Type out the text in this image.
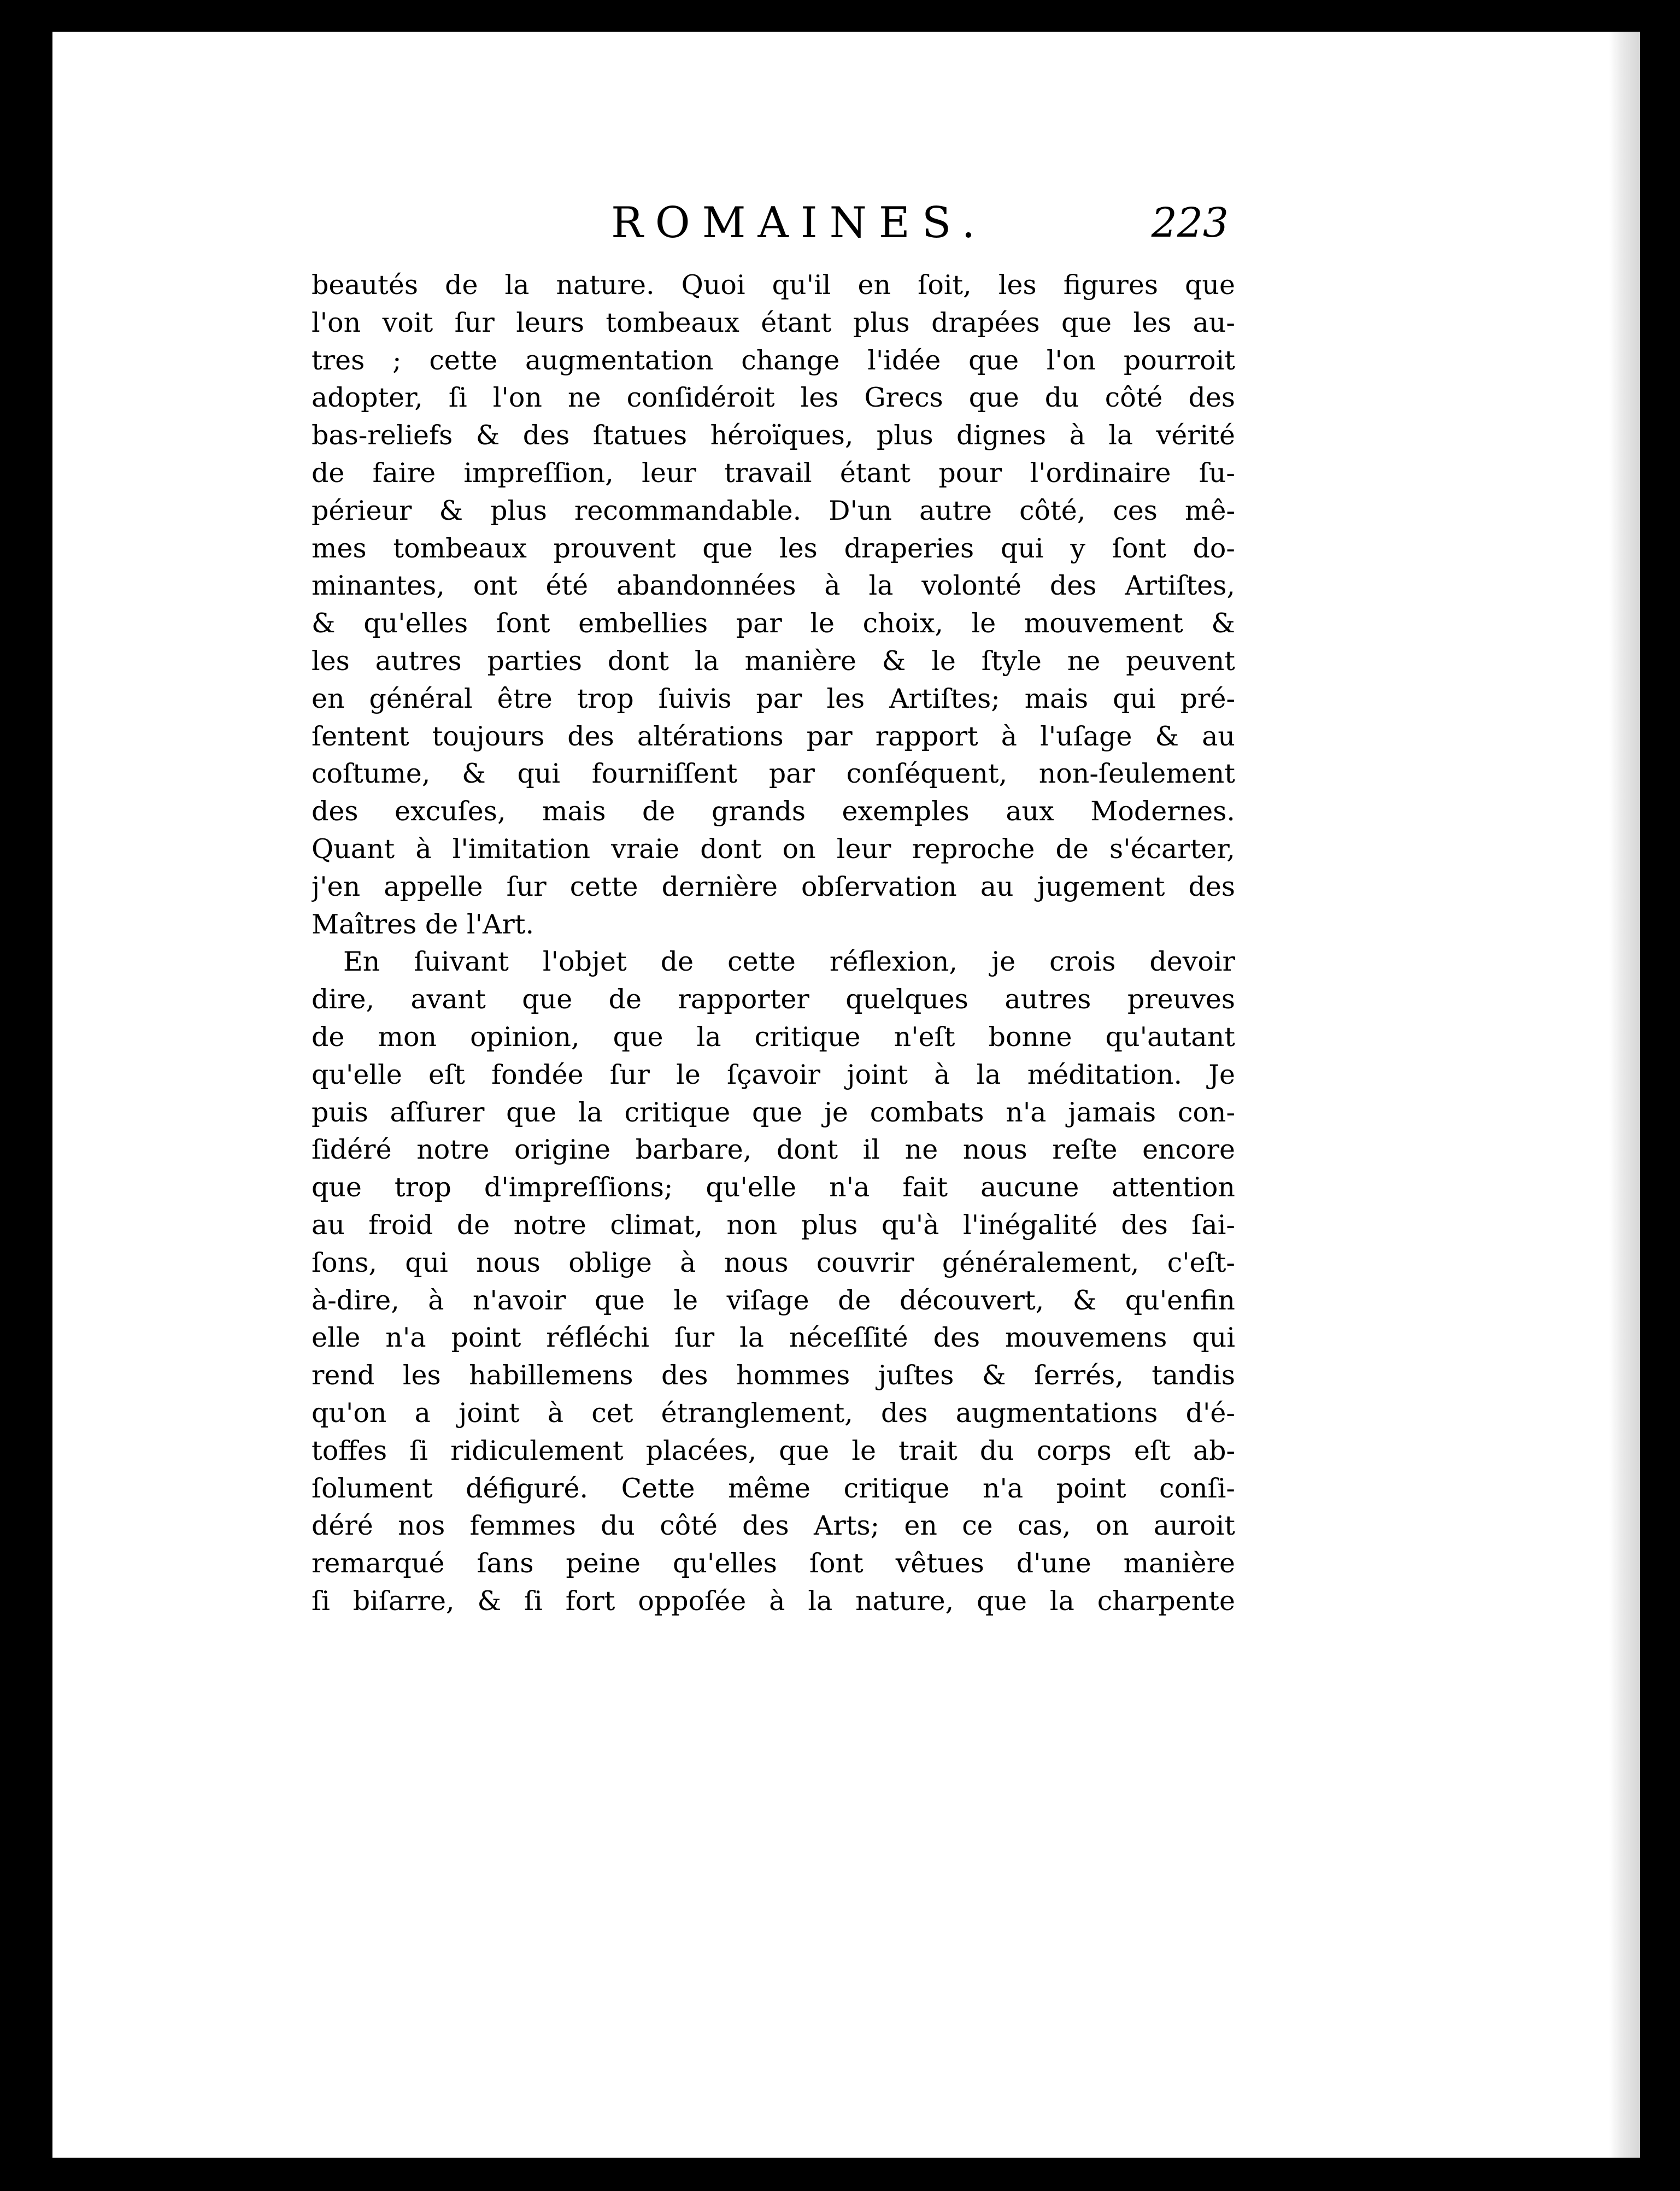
ROMAINES.	223
beautés de la nature. Quoi qu'il en ſoit, les figures que
l'on voit ſur leurs tombeaux étant plus drapées que les au-
tres ; cette augmentation change l'idée que l'on pourroit
adopter, ſi l'on ne conſidéroit les Grecs que du côté des
bas-reliefs & des ſtatues héroïques, plus dignes à la vérité
de faire impreſſion, leur travail étant pour l'ordinaire ſu-
périeur & plus recommandable. D'un autre côté, ces mê-
mes tombeaux prouvent que les draperies qui y ſont do-
minantes, ont été abandonnées à la volonté des Artiſtes,
& qu'elles ſont embellies par le choix, le mouvement &
les autres parties dont la manière & le ſtyle ne peuvent
en général être trop ſuivis par les Artiſtes; mais qui pré-
ſentent toujours des altérations par rapport à l'uſage & au
coſtume, & qui fourniſſent par conſéquent, non-ſeulement
des excuſes, mais de grands exemples aux Modernes.
Quant à l'imitation vraie dont on leur reproche de s'écarter,
j'en appelle ſur cette dernière obſervation au jugement des
Maîtres de l'Art.
En ſuivant l'objet de cette réflexion, je crois devoir
dire, avant que de rapporter quelques autres preuves
de mon opinion, que la critique n'eſt bonne qu'autant
qu'elle eſt fondée ſur le ſçavoir joint à la méditation. Je
puis aſſurer que la critique que je combats n'a jamais con-
ſidéré notre origine barbare, dont il ne nous reſte encore
que trop d'impreſſions; qu'elle n'a fait aucune attention
au froid de notre climat, non plus qu'à l'inégalité des ſai-
ſons, qui nous oblige à nous couvrir généralement, c'eſt-
à-dire, à n'avoir que le viſage de découvert, & qu'enfin
elle n'a point réfléchi ſur la néceſſité des mouvemens qui
rend les habillemens des hommes juſtes & ſerrés, tandis
qu'on a joint à cet étranglement, des augmentations d'é-
toffes ſi ridiculement placées, que le trait du corps eſt ab-
ſolument défiguré. Cette même critique n'a point conſi-
déré nos femmes du côté des Arts; en ce cas, on auroit
remarqué ſans peine qu'elles ſont vêtues d'une manière
ſi biſarre, & ſi fort oppoſée à la nature, que la charpente
